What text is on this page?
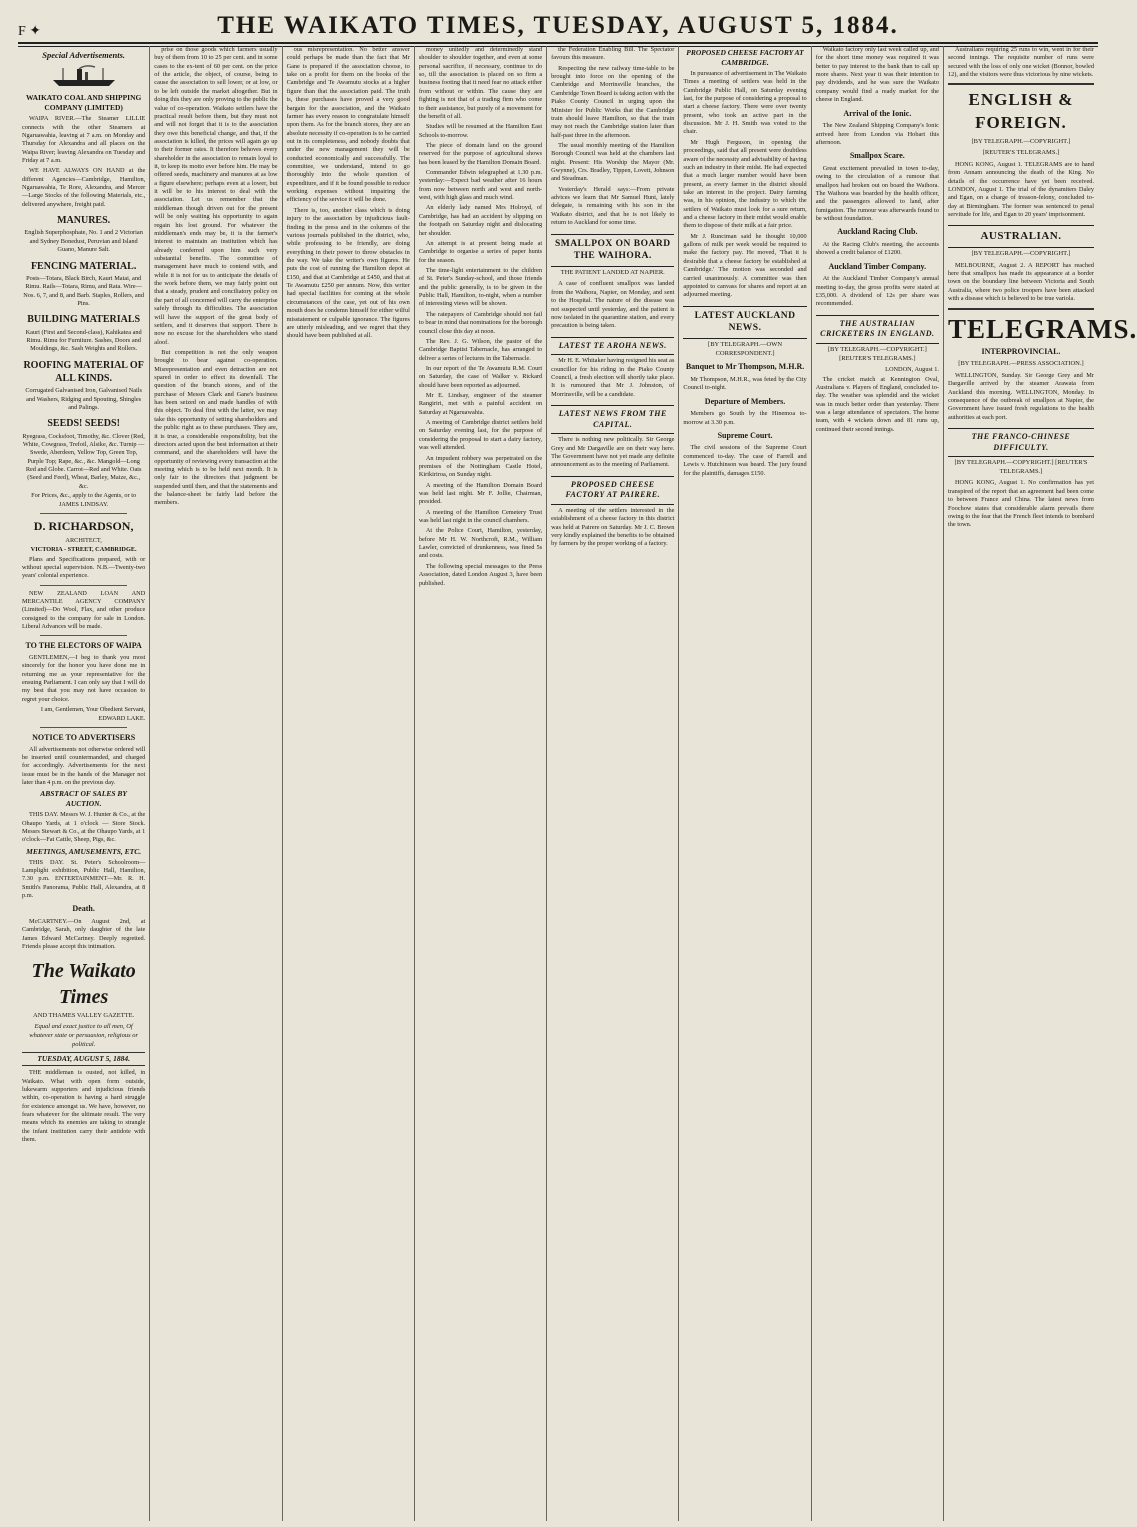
F ✦	THE WAIKATO TIMES, TUESDAY, AUGUST 5, 1884.
Special Advertisements.
WAIKATO COAL AND SHIPPING COMPANY (LIMITED)

WAIPA RIVER.—The Steamer LILLIE connects with the other Steamers at Ngaruawahia, leaving at 7 a.m. on Monday and Thursday for Alexandra and all places on the Waipa River; leaving Alexandra on Tuesday and Friday at 7 a.m.

WE HAVE ALWAYS ON HAND at the different Agencies—Cambridge, Hamilton, Ngaruawahia, Te Rore, Alexandra, and Mercer—Large Stocks of the following Materials, etc., delivered anywhere, freight paid.

MANURES.
English Superphosphate, No. 1 and 2 Victorian and Sydney Bonedust, Peruvian and Island Guano, Manure Salt.
FENCING MATERIAL.
Posts—Totara, Black Birch, Kauri Matai, and Rimu. Rails—Totara, Rimu, and Rata. Wire—Nos. 6, 7, and 8, and Barb. Staples, Rollers, and Pins.
BUILDING MATERIALS
Kauri (First and Second-class), Kahikatea and Rimu. Rimu for Furniture. Sashes, Doors and Mouldings, &c. Sash Weights and Rollers.
ROOFING MATERIAL OF ALL KINDS.
Corrugated Galvanised Iron, Galvanised Nails and Washers, Ridging and Spouting, Shingles and Palings.
SEEDS! SEEDS!
Ryegrass, Cocksfoot, Timothy, &c. Clover (Red, White, Cowgrass, Trefoil, Alsike, &c. Turnip — Swede, Aberdeen, Yellow Top, Green Top, Purple Top; Rape, &c., &c. Mangold—Long Red and Globe. Carrot—Red and White. Oats (Seed and Feed), Wheat, Barley, Maize, &c., &c.
For Prices, &c., apply to the Agents, or to JAMES LINDSAY.
D. RICHARDSON,
ARCHITECT,
VICTORIA - STREET, CAMBRIDGE.

Plans and Specifications prepared, with or without special supervision. N.B.—Twenty-two years' colonial experience.

NEW ZEALAND LOAN AND MERCANTILE AGENCY COMPANY (Limited)—Do Wool, Flax, and other produce consigned to the company for sale in London. Liberal Advances will be made.

TO THE ELECTORS OF WAIPA

GENTLEMEN,—I beg to thank you most sincerely for the honor you have done me in returning me as your representative for the ensuing Parliament. I can only say that I will do my best that you may not have occasion to regret your choice.

I am, Gentlemen, Your Obedient Servant, EDWARD LAKE.
NOTICE TO ADVERTISERS

All advertisements not otherwise ordered will be inserted until countermanded, and charged for accordingly. Advertisements for the next issue must be in the hands of the Manager not later than 4 p.m. on the previous day.

ABSTRACT OF SALES BY AUCTION.

THIS DAY. Messrs W. J. Hunter & Co., at the Ohaupo Yards, at 1 o'clock — Store Stock. Messrs Stewart & Co., at the Ohaupo Yards, at 1 o'clock—Fat Cattle, Sheep, Pigs, &c.

MEETINGS, AMUSEMENTS, ETC.

THIS DAY. St. Peter's Schoolroom—Lamplight exhibition, Public Hall, Hamilton, 7.30 p.m. ENTERTAINMENT—Mr. R. H. Smith's Panorama, Public Hall, Alexandra, at 8 p.m.

Death.

McCARTNEY.—On August 2nd, at Cambridge, Sarah, only daughter of the late James Edward McCartney. Deeply regretted. Friends please accept this intimation.

The Waikato Times
AND THAMES VALLEY GAZETTE.
Equal and exact justice to all men, Of whatever state or persuasion, religious or political.
TUESDAY, AUGUST 5, 1884.

THE middleman is ousted, not killed, in Waikato. What with open form outside, lukewarm supporters and injudicious friends within, co-operation is having a hard struggle for existence amongst us. We have, however, no fears whatever for the ultimate result. The very means which its enemies are taking to strangle the infant institution carry their antidote with them.

prise on those goods which farmers usually buy of them from 10 to 25 per cent. and in some cases to the ex-tent of 60 per cent. on the price of the article, the object, of course, being to cause the association to sell lower, or at low, or to be left outside the market altogether. But in doing this they are only proving to the public the value of co-operation. Waikato settlers have the practical result before them, but they must not and will not forget that it is to the association they owe this beneficial change, and that, if the association is killed, the prices will again go up to their former rates. It therefore behoves every shareholder in the association to remain loyal to it, to keep its motto ever before him. He may be offered seeds, machinery and manures at as low a figure elsewhere; perhaps even at a lower, but it will be to his interest to deal with the association. Let us remember that the middleman though driven out for the present will be only waiting his opportunity to again regain his lost ground. For whatever the middleman's ends may be, it is the farmer's interest to maintain an institution which has already conferred upon him such very substantial benefits. The committee of management have much to contend with, and while it is not for us to anticipate the details of the work before them, we may fairly point out that a steady, prudent and conciliatory policy on the part of all concerned will carry the enterprise safely through its difficulties. The association will have the support of the great body of settlers, and it deserves that support. There is now no excuse for the shareholders who stand aloof.

But competition is not the only weapon brought to bear against co-operation. Misrepresentation and even detraction are not spared in order to effect its downfall. The question of the branch stores, and of the purchase of Messrs Clark and Gane's business has been seized on and made handles of with this object. To deal first with the latter, we may take this opportunity of setting shareholders and the public right as to these purchases. They are, it is true, a considerable responsibility, but the directors acted upon the best information at their command, and the shareholders will have the opportunity of reviewing every transaction at the meeting which is to be held next month. It is only fair to the directors that judgment be suspended until then, and that the statements and the balance-sheet be fairly laid before the members.

ous misrepresentation. No better answer could perhaps be made than the fact that Mr Gane is prepared if the association choose, to take on a profit for them on the books of the Cambridge and Te Awamutu stocks at a higher figure than that the association paid. The truth is, these purchases have proved a very good bargain for the association, and the Waikato farmer has every reason to congratulate himself upon them. As for the branch stores, they are an absolute necessity if co-operation is to be carried out in its completeness, and nobody doubts that under the new management they will be conducted economically and successfully. The committee, we understand, intend to go thoroughly into the whole question of expenditure, and if it be found possible to reduce working expenses without impairing the efficiency of the service it will be done.

There is, too, another class which is doing injury to the association by injudicious fault-finding in the press and in the columns of the various journals published in the district, who, while professing to be friendly, are doing everything in their power to throw obstacles in the way. We take the writer's own figures. He puts the cost of running the Hamilton depot at £150, and that at Cambridge at £450, and that at Te Awamutu £250 per annum. Now, this writer had special facilities for coming at the whole circumstances of the case, yet out of his own mouth does he condemn himself for either wilful misstatement or culpable ignorance. The figures are utterly misleading, and we regret that they should have been published at all.

money unitedly and determinedly stand shoulder to shoulder together, and even at some personal sacrifice, if necessary, continue to do so, till the association is placed on so firm a business footing that it need fear no attack either from without or within. The cause they are fighting is not that of a trading firm who come to their assistance, but purely of a movement for the benefit of all.

Studies will be resumed at the Hamilton East Schools to-morrow.

The piece of domain land on the ground reserved for the purpose of agricultural shows has been leased by the Hamilton Domain Board.

Commander Edwin telegraphed at 1.30 p.m. yesterday:—Expect bad weather after 16 hours from now between north and west and north-west, with high glass and much wind.

An elderly lady named Mrs Holroyd, of Cambridge, has had an accident by slipping on the footpath on Saturday night and dislocating her shoulder.

An attempt is at present being made at Cambridge to organise a series of paper hunts for the season.

The time-light entertainment to the children of St. Peter's Sunday-school, and those friends and the public generally, is to be given in the Public Hall, Hamilton, to-night, when a number of interesting views will be shown.

The ratepayers of Cambridge should not fail to bear in mind that nominations for the borough council close this day at noon.

The Rev. J. G. Wilson, the pastor of the Cambridge Baptist Tabernacle, has arranged to deliver a series of lectures in the Tabernacle.

In our report of the Te Awamutu R.M. Court on Saturday, the case of Walker v. Rickard should have been reported as adjourned.

Mr E. Lindsay, engineer of the steamer Rangiriri, met with a painful accident on Saturday at Ngaruawahia.

A meeting of Cambridge district settlers held on Saturday evening last, for the purpose of considering the proposal to start a dairy factory, was well attended.

An impudent robbery was perpetrated on the premises of the Nottingham Castle Hotel, Kirikiriroa, on Sunday night.

A meeting of the Hamilton Domain Board was held last night. Mr F. Jollie, Chairman, presided.

A meeting of the Hamilton Cemetery Trust was held last night in the council chambers.

At the Police Court, Hamilton, yesterday, before Mr H. W. Northcroft, R.M., William Lawler, convicted of drunkenness, was fined 5s and costs.

The following special messages to the Press Association, dated London August 3, have been published.

the Federation Enabling Bill. The Spectator favours this measure.

Respecting the new railway time-table to be brought into force on the opening of the Cambridge and Morrinsville branches, the Cambridge Town Board is taking action with the Piako County Council in urging upon the Minister for Public Works that the Cambridge train should leave Hamilton, so that the train may not reach the Cambridge station later than half-past three in the afternoon.

The usual monthly meeting of the Hamilton Borough Council was held at the chambers last night. Present: His Worship the Mayor (Mr. Gwynne), Crs. Bradley, Tippen, Lovett, Johnson and Steadman.

Yesterday's Herald says:—From private advices we learn that Mr Samuel Hunt, lately delegate, is remaining with his son in the Waikato district, and that he is not likely to return to Auckland for some time.

SMALLPOX ON BOARD THE WAIHORA.
THE PATIENT LANDED AT NAPIER.

A case of confluent smallpox was landed from the Waihora, Napier, on Monday, and sent to the Hospital. The nature of the disease was not suspected until yesterday, and the patient is now isolated in the quarantine station, and every precaution is being taken.

LATEST TE AROHA NEWS.

Mr H. E. Whitaker having resigned his seat as councillor for his riding in the Piako County Council, a fresh election will shortly take place. It is rumoured that Mr J. Johnston, of Morrinsville, will be a candidate.

LATEST NEWS FROM THE CAPITAL.

There is nothing new politically. Sir George Grey and Mr Dargaville are on their way here. The Government have not yet made any definite announcement as to the meeting of Parliament.

PROPOSED CHEESE FACTORY AT PAIRERE.

A meeting of the settlers interested in the establishment of a cheese factory in this district was held at Pairere on Saturday. Mr J. C. Brown very kindly explained the benefits to be obtained by farmers by the proper working of a factory.

PROPOSED CHEESE FACTORY AT CAMBRIDGE.

In pursuance of advertisement in The Waikato Times a meeting of settlers was held in the Cambridge Public Hall, on Saturday evening last, for the purpose of considering a proposal to start a cheese factory. There were over twenty present, who took an active part in the discussion. Mr J. H. Smith was voted to the chair.

Mr Hugh Ferguson, in opening the proceedings, said that all present were doubtless aware of the necessity and advisability of having such an industry in their midst. He had expected that a much larger number would have been present, as every farmer in the district should take an interest in the project. Dairy farming was, in his opinion, the industry to which the settlers of Waikato must look for a sure return, and a cheese factory in their midst would enable them to dispose of their milk at a fair price.

Mr J. Runciman said he thought 10,000 gallons of milk per week would be required to make the factory pay. He moved, 'That it is desirable that a cheese factory be established at Cambridge.' The motion was seconded and carried unanimously. A committee was then appointed to canvass for shares and report at an adjourned meeting.

LATEST AUCKLAND NEWS.
[BY TELEGRAPH.—OWN CORRESPONDENT.]
Banquet to Mr Thompson, M.H.R.

Mr Thompson, M.H.R., was feted by the City Council to-night.

Departure of Members.

Members go South by the Hinemoa to-morrow at 3.30 p.m.

Supreme Court.

The civil sessions of the Supreme Court commenced to-day. The case of Farrell and Lewis v. Hutchinson was heard. The jury found for the plaintiffs, damages £150.

Waikato factory only last week called up, and for the short time money was required it was better to pay interest to the bank than to call up more shares. Next year it was their intention to pay dividends, and he was sure the Waikato company would find a ready market for the cheese in England.

Arrival of the Ionic.

The New Zealand Shipping Company's Ionic arrived here from London via Hobart this afternoon.

Smallpox Scare.

Great excitement prevailed in town to-day, owing to the circulation of a rumour that smallpox had broken out on board the Waihora. The Waihora was boarded by the health officer, and the passengers allowed to land, after fumigation. The rumour was afterwards found to be without foundation.

Auckland Racing Club.

At the Racing Club's meeting, the accounts showed a credit balance of £1200.

Auckland Timber Company.

At the Auckland Timber Company's annual meeting to-day, the gross profits were stated at £35,000. A dividend of 12s per share was recommended.

THE AUSTRALIAN CRICKETERS IN ENGLAND.
[BY TELEGRAPH.—COPYRIGHT.] [REUTER'S TELEGRAMS.]
LONDON, August 1.

The cricket match at Kennington Oval, Australians v. Players of England, concluded to-day. The weather was splendid and the wicket was in much better order than yesterday. There was a large attendance of spectators. The home team, with 4 wickets down and 81 runs up, continued their second innings.

Australians requiring 25 runs to win, went in for their second innings. The requisite number of runs were secured with the loss of only one wicket (Bonnor, bowled 12), and the visitors were thus victorious by nine wickets.

ENGLISH & FOREIGN.
[BY TELEGRAPH.—COPYRIGHT.]
[REUTER'S TELEGRAMS.]

HONG KONG, August 1. TELEGRAMS are to hand from Annam announcing the death of the King. No details of the occurrence have yet been received. LONDON, August 1. The trial of the dynamiters Daley and Egan, on a charge of treason-felony, concluded to-day at Birmingham. The former was sentenced to penal servitude for life, and Egan to 20 years' imprisonment.

AUSTRALIAN.
[BY TELEGRAPH.—COPYRIGHT.]

MELBOURNE, August 2. A REPORT has reached here that smallpox has made its appearance at a border town on the boundary line between Victoria and South Australia, where two police troopers have been attacked with a disease which is believed to be true variola.

TELEGRAMS.
INTERPROVINCIAL.
[BY TELEGRAPH.—PRESS ASSOCIATION.]

WELLINGTON, Sunday. Sir George Grey and Mr Dargaville arrived by the steamer Arawata from Auckland this morning. WELLINGTON, Monday. In consequence of the outbreak of smallpox at Napier, the Government have issued fresh regulations to the health authorities at each port.

THE FRANCO-CHINESE DIFFICULTY.
[BY TELEGRAPH.—COPYRIGHT.] [REUTER'S TELEGRAMS.]

HONG KONG, August 1. No confirmation has yet transpired of the report that an agreement had been come to between France and China. The latest news from Foochow states that considerable alarm prevails there owing to the fear that the French fleet intends to bombard the town.
